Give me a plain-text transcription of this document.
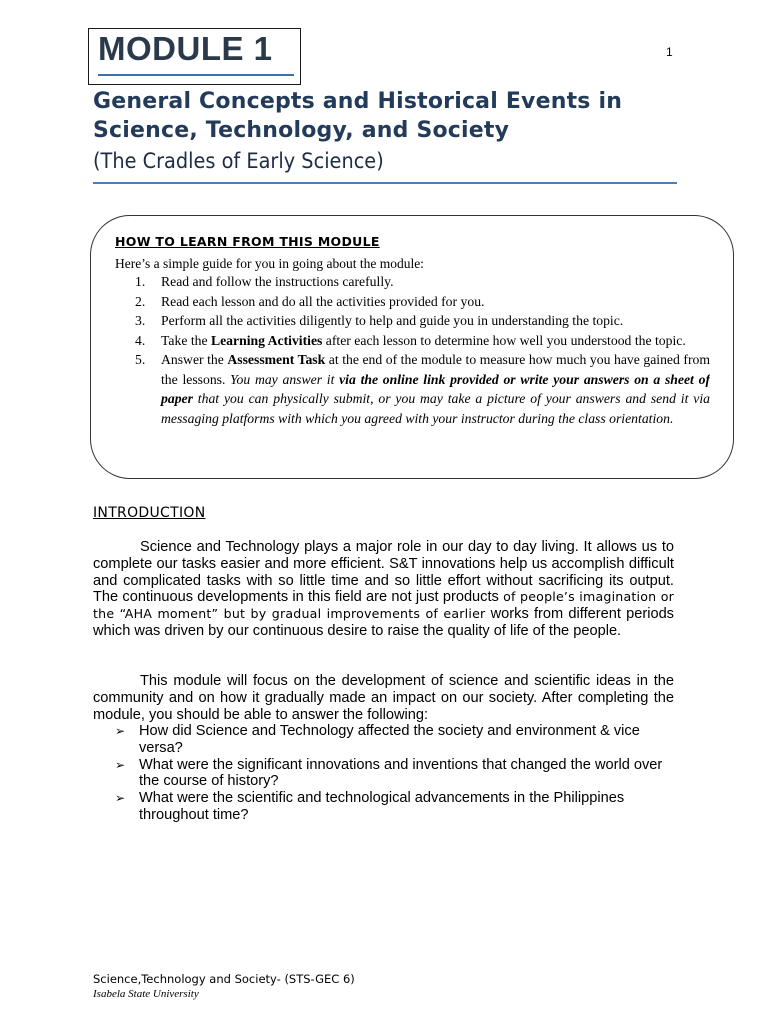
MODULE 1	1
General Concepts and Historical Events in
Science, Technology, and Society
(The Cradles of Early Science)
HOW TO LEARN FROM THIS MODULE
Here’s a simple guide for you in going about the module:
1. Read and follow the instructions carefully.
2. Read each lesson and do all the activities provided for you.
3. Perform all the activities diligently to help and guide you in understanding the topic.
4. Take the Learning Activities after each lesson to determine how well you understood the topic.
5. Answer the Assessment Task at the end of the module to measure how much you have gained from the lessons. You may answer it via the online link provided or write your answers on a sheet of paper that you can physically submit, or you may take a picture of your answers and send it via messaging platforms with which you agreed with your instructor during the class orientation.
INTRODUCTION
Science and Technology plays a major role in our day to day living. It allows us to complete our tasks easier and more efficient. S&T innovations help us accomplish difficult and complicated tasks with so little time and so little effort without sacrificing its output. The continuous developments in this field are not just products of people’s imagination or the “AHA moment” but by gradual improvements of earlier works from different periods which was driven by our continuous desire to raise the quality of life of the people.
This module will focus on the development of science and scientific ideas in the community and on how it gradually made an impact on our society. After completing the module, you should be able to answer the following:
➢ How did Science and Technology affected the society and environment & vice versa?
➢ What were the significant innovations and inventions that changed the world over the course of history?
➢ What were the scientific and technological advancements in the Philippines throughout time?
Science,Technology and Society- (STS-GEC 6)
Isabela State University
